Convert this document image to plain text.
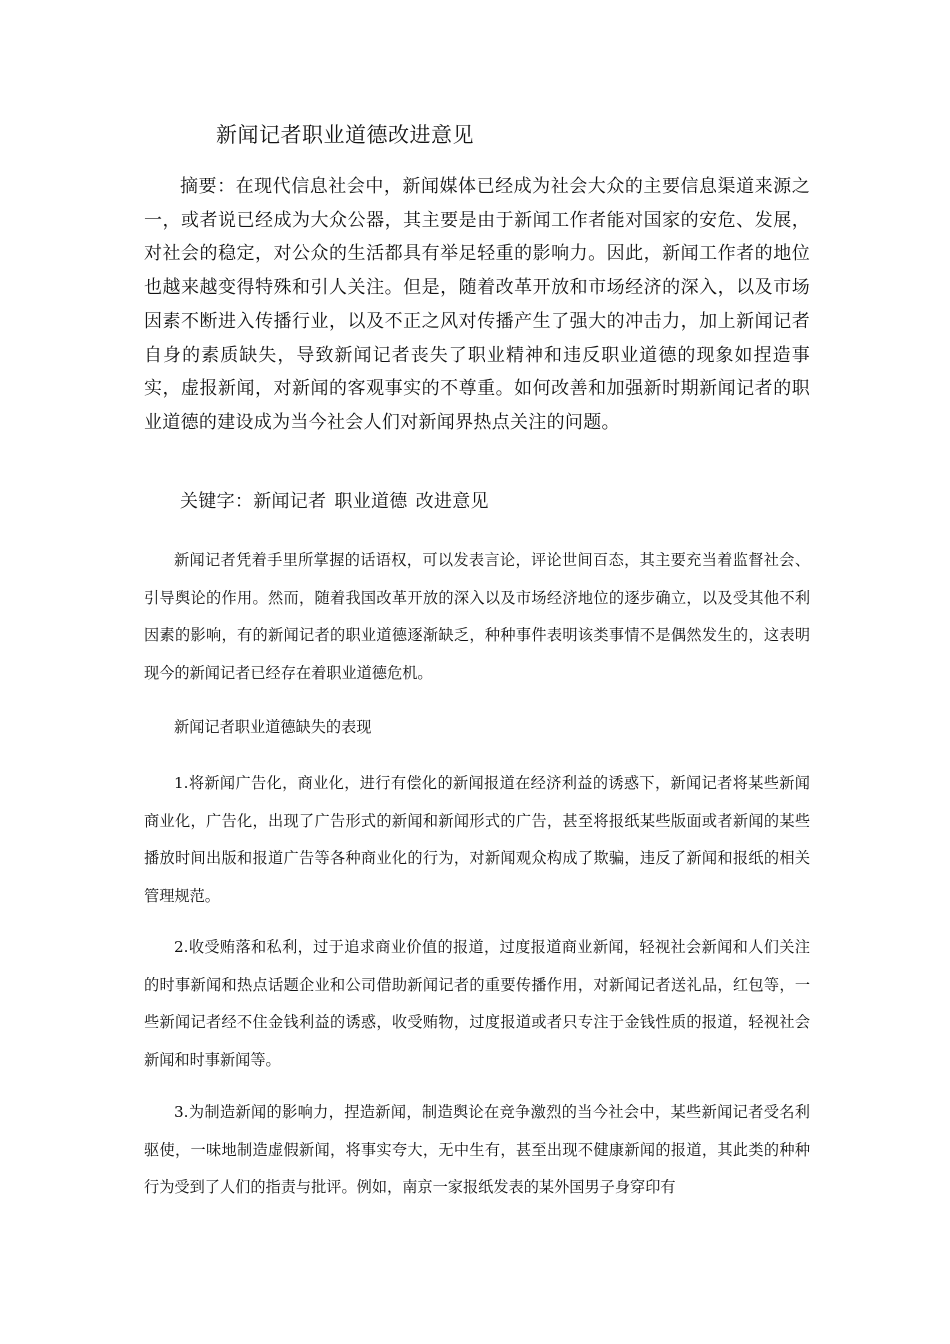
新闻记者职业道德改进意见

摘要：在现代信息社会中，新闻媒体已经成为社会大众的主要信息渠道来源之一，或者说已经成为大众公器，其主要是由于新闻工作者能对国家的安危、发展，对社会的稳定，对公众的生活都具有举足轻重的影响力。因此，新闻工作者的地位也越来越变得特殊和引人关注。但是，随着改革开放和市场经济的深入，以及市场因素不断进入传播行业，以及不正之风对传播产生了强大的冲击力，加上新闻记者自身的素质缺失，导致新闻记者丧失了职业精神和违反职业道德的现象如捏造事实，虚报新闻，对新闻的客观事实的不尊重。如何改善和加强新时期新闻记者的职业道德的建设成为当今社会人们对新闻界热点关注的问题。

关键字：新闻记者 职业道德 改进意见

新闻记者凭着手里所掌握的话语权，可以发表言论，评论世间百态，其主要充当着监督社会、引导舆论的作用。然而，随着我国改革开放的深入以及市场经济地位的逐步确立，以及受其他不利因素的影响，有的新闻记者的职业道德逐渐缺乏，种种事件表明该类事情不是偶然发生的，这表明现今的新闻记者已经存在着职业道德危机。

新闻记者职业道德缺失的表现

1.将新闻广告化，商业化，进行有偿化的新闻报道在经济利益的诱惑下，新闻记者将某些新闻商业化，广告化，出现了广告形式的新闻和新闻形式的广告，甚至将报纸某些版面或者新闻的某些播放时间出版和报道广告等各种商业化的行为，对新闻观众构成了欺骗，违反了新闻和报纸的相关管理规范。

2.收受贿落和私利，过于追求商业价值的报道，过度报道商业新闻，轻视社会新闻和人们关注的时事新闻和热点话题企业和公司借助新闻记者的重要传播作用，对新闻记者送礼品，红包等，一些新闻记者经不住金钱利益的诱惑，收受贿物，过度报道或者只专注于金钱性质的报道，轻视社会新闻和时事新闻等。

3.为制造新闻的影响力，捏造新闻，制造舆论在竞争激烈的当今社会中，某些新闻记者受名利驱使，一味地制造虚假新闻，将事实夸大，无中生有，甚至出现不健康新闻的报道，其此类的种种行为受到了人们的指责与批评。例如，南京一家报纸发表的某外国男子身穿印有
